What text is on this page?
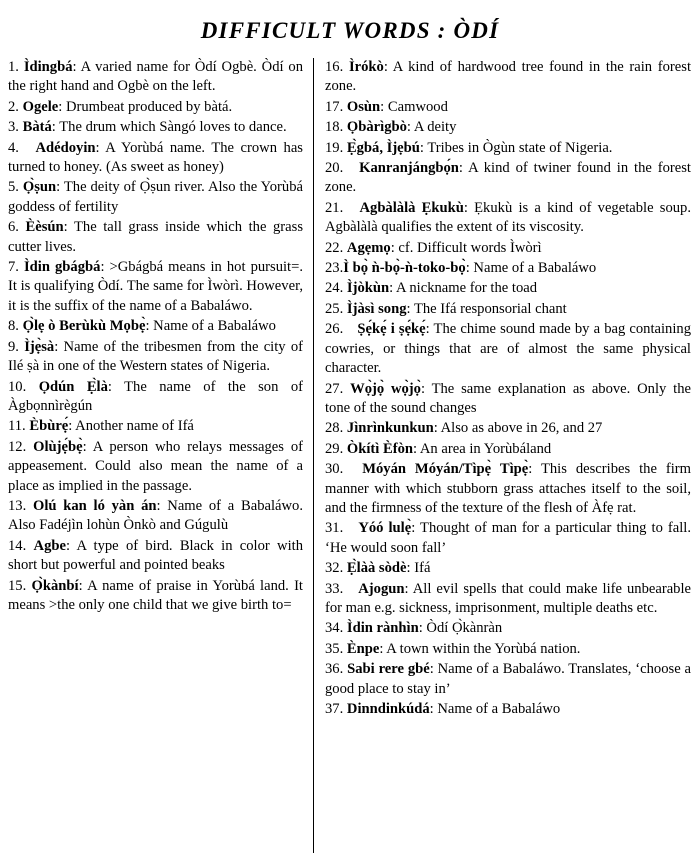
DIFFICULT WORDS : ÒDÍ

1. Ìdingbá: A varied name for Òdí Ogbè. Òdí on the right hand and Ogbè on the left.

2. Ogele: Drumbeat produced by bàtá.

3. Bàtá: The drum which Sàngó loves to dance.

4. Adédoyin: A Yorùbá name. The crown has turned to honey. (As sweet as honey)

5. Ọ̀ṣun: The deity of Ọ̀ṣun river. Also the Yorùbá goddess of fertility

6. Èèsún: The tall grass inside which the grass cutter lives.

7. Ìdin gbágbá: >Gbágbá means in hot pursuit=. It is qualifying Òdí. The same for Ìwòrì. However, it is the suffix of the name of a Babaláwo.

8. Ọ̀lẹ ò Berùkù Mọbẹ̀: Name of a Babaláwo

9. Ìjẹ̀sà: Name of the tribesmen from the city of Ilé ṣà in one of the Western states of Nigeria.

10. Ọdún Ẹ̀là: The name of the son of Àgbọnnìrègún

11. Èbùrẹ́: Another name of Ifá

12. Olùjẹ́bẹ̀: A person who relays messages of appeasement. Could also mean the name of a place as implied in the passage.

13. Olú kan ló yàn án: Name of a Babaláwo. Also Fadéjìn lohùn Ònkò and Gúgulù

14. Agbe: A type of bird. Black in color with short but powerful and pointed beaks

15. Ọ̀kànbí: A name of praise in Yorùbá land. It means >the only one child that we give birth to=

16. Ìrókò: A kind of hardwood tree found in the rain forest zone.

17. Osùn: Camwood

18. Ọbàrìgbò: A deity

19. Ẹ̀gbá, Ìjẹbú: Tribes in Ògùn state of Nigeria.

20. Kanranjángbọ́n: A kind of twiner found in the forest zone.

21. Agbàlàlà Ẹkukù: Ẹkukù is a kind of vegetable soup. Agbàlàlà qualifies the extent of its viscosity.

22. Agẹmọ: cf. Difficult words Ìwòrì

23.Ì bọ̀ ǹ-bọ̀-ǹ-toko-bọ̀: Name of a Babaláwo

24. Ìjòkùn: A nickname for the toad

25. Ìjàsì song: The Ifá responsorial chant

26. Ṣẹ́kẹ́ i ṣẹ́kẹ́: The chime sound made by a bag containing cowries, or things that are of almost the same physical character.

27. Wọ̀jọ̀ wọ̀jọ̀: The same explanation as above. Only the tone of the sound changes

28. Jìnrìnkunkun: Also as above in 26, and 27

29. Òkítì Èfòn: An area in Yorùbáland

30. Móyán Móyán/Tìpẹ̀ Tìpẹ̀: This describes the firm manner with which stubborn grass attaches itself to the soil, and the firmness of the texture of the flesh of Àfẹ rat.

31. Yóó lulẹ̀: Thought of man for a particular thing to fall. ‘He would soon fall’

32. Ẹ̀làà sòdè: Ifá

33. Ajogun: All evil spells that could make life unbearable for man e.g. sickness, imprisonment, multiple deaths etc.

34. Ìdin rànhìn: Òdí Ọ̀kànràn

35. Ènpe: A town within the Yorùbá nation.

36. Sabi rere gbé: Name of a Babaláwo. Translates, ‘choose a good place to stay in’

37. Dinndinkúdá: Name of a Babaláwo
